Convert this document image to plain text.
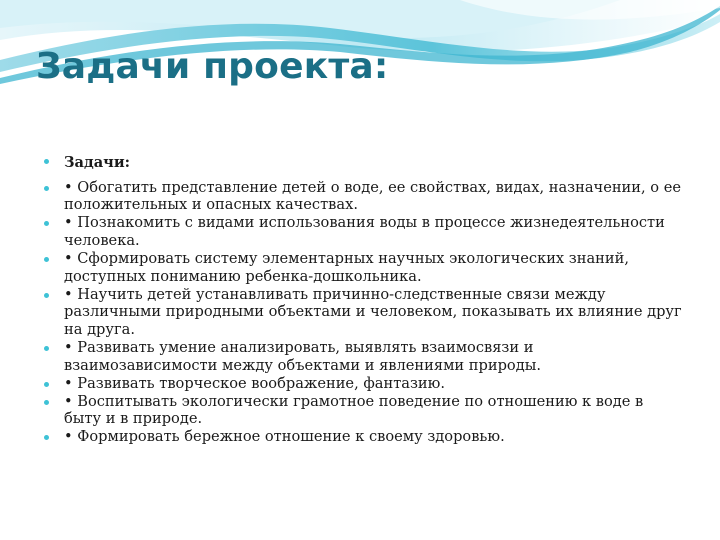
Задачи проекта:
Задачи:
• Обогатить представление детей о воде, ее свойствах, видах, назначении, о ее положительных и опасных качествах.
• Познакомить с видами использования воды в процессе жизнедеятельности человека.
• Сформировать систему элементарных научных экологических знаний, доступных пониманию ребенка-дошкольника.
• Научить детей устанавливать причинно-следственные связи между различными природными объектами и человеком, показывать их влияние друг на друга.
• Развивать умение анализировать, выявлять взаимосвязи и взаимозависимости между объектами и явлениями природы.
• Развивать творческое воображение, фантазию.
• Воспитывать экологически грамотное поведение по отношению к воде в быту и в природе.
• Формировать бережное отношение к своему здоровью.
